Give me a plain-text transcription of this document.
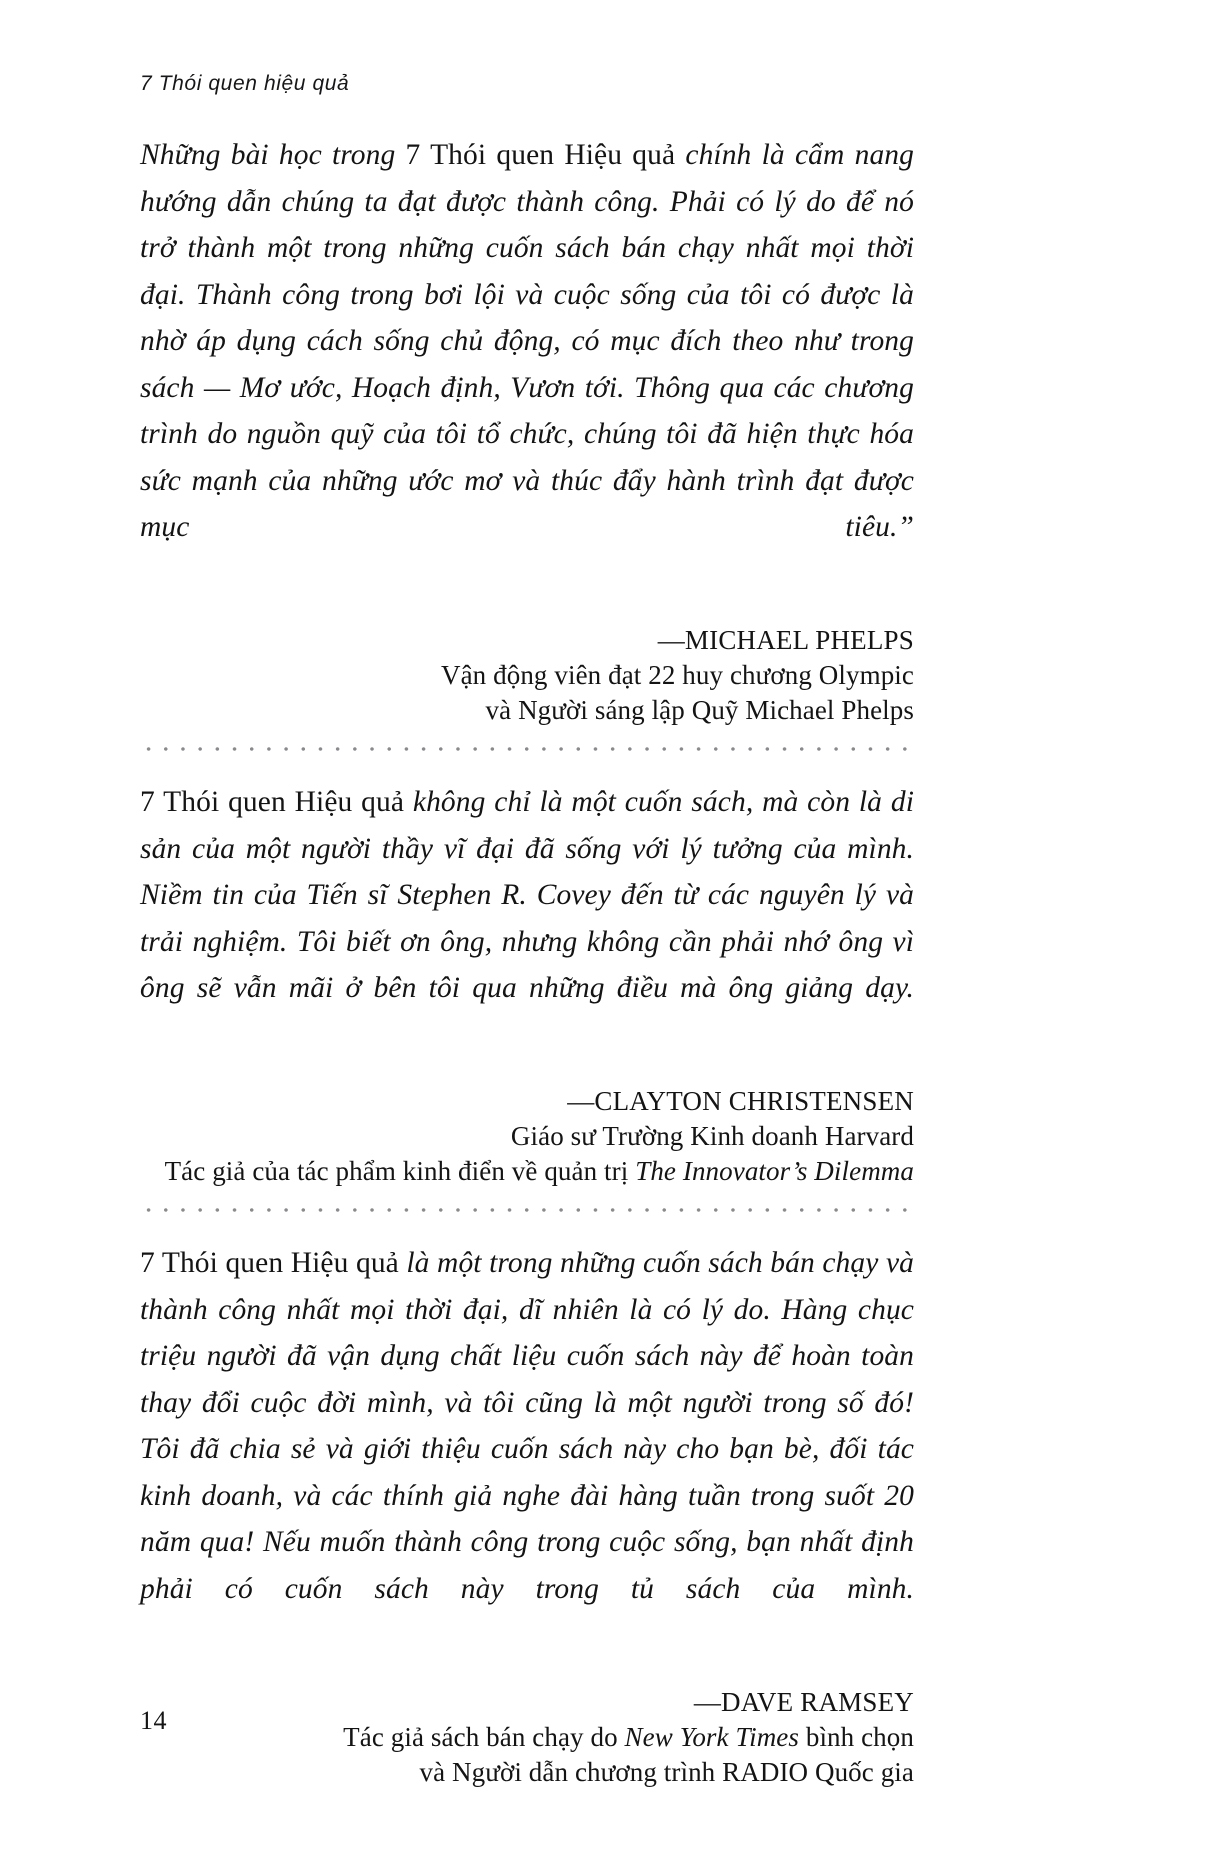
7 Thói quen hiệu quả

Những bài học trong 7 Thói quen Hiệu quả chính là cẩm nang hướng dẫn chúng ta đạt được thành công. Phải có lý do để nó trở thành một trong những cuốn sách bán chạy nhất mọi thời đại. Thành công trong bơi lội và cuộc sống của tôi có được là nhờ áp dụng cách sống chủ động, có mục đích theo như trong sách — Mơ ước, Hoạch định, Vươn tới. Thông qua các chương trình do nguồn quỹ của tôi tổ chức, chúng tôi đã hiện thực hóa sức mạnh của những ước mơ và thúc đẩy hành trình đạt được mục tiêu.”

—MICHAEL PHELPS
Vận động viên đạt 22 huy chương Olympic
và Người sáng lập Quỹ Michael Phelps

7 Thói quen Hiệu quả không chỉ là một cuốn sách, mà còn là di sản của một người thầy vĩ đại đã sống với lý tưởng của mình. Niềm tin của Tiến sĩ Stephen R. Covey đến từ các nguyên lý và trải nghiệm. Tôi biết ơn ông, nhưng không cần phải nhớ ông vì ông sẽ vẫn mãi ở bên tôi qua những điều mà ông giảng dạy.

—CLAYTON CHRISTENSEN
Giáo sư Trường Kinh doanh Harvard
Tác giả của tác phẩm kinh điển về quản trị The Innovator’s Dilemma

7 Thói quen Hiệu quả là một trong những cuốn sách bán chạy và thành công nhất mọi thời đại, dĩ nhiên là có lý do. Hàng chục triệu người đã vận dụng chất liệu cuốn sách này để hoàn toàn thay đổi cuộc đời mình, và tôi cũng là một người trong số đó! Tôi đã chia sẻ và giới thiệu cuốn sách này cho bạn bè, đối tác kinh doanh, và các thính giả nghe đài hàng tuần trong suốt 20 năm qua! Nếu muốn thành công trong cuộc sống, bạn nhất định phải có cuốn sách này trong tủ sách của mình.

—DAVE RAMSEY
Tác giả sách bán chạy do New York Times bình chọn
và Người dẫn chương trình RADIO Quốc gia
14
